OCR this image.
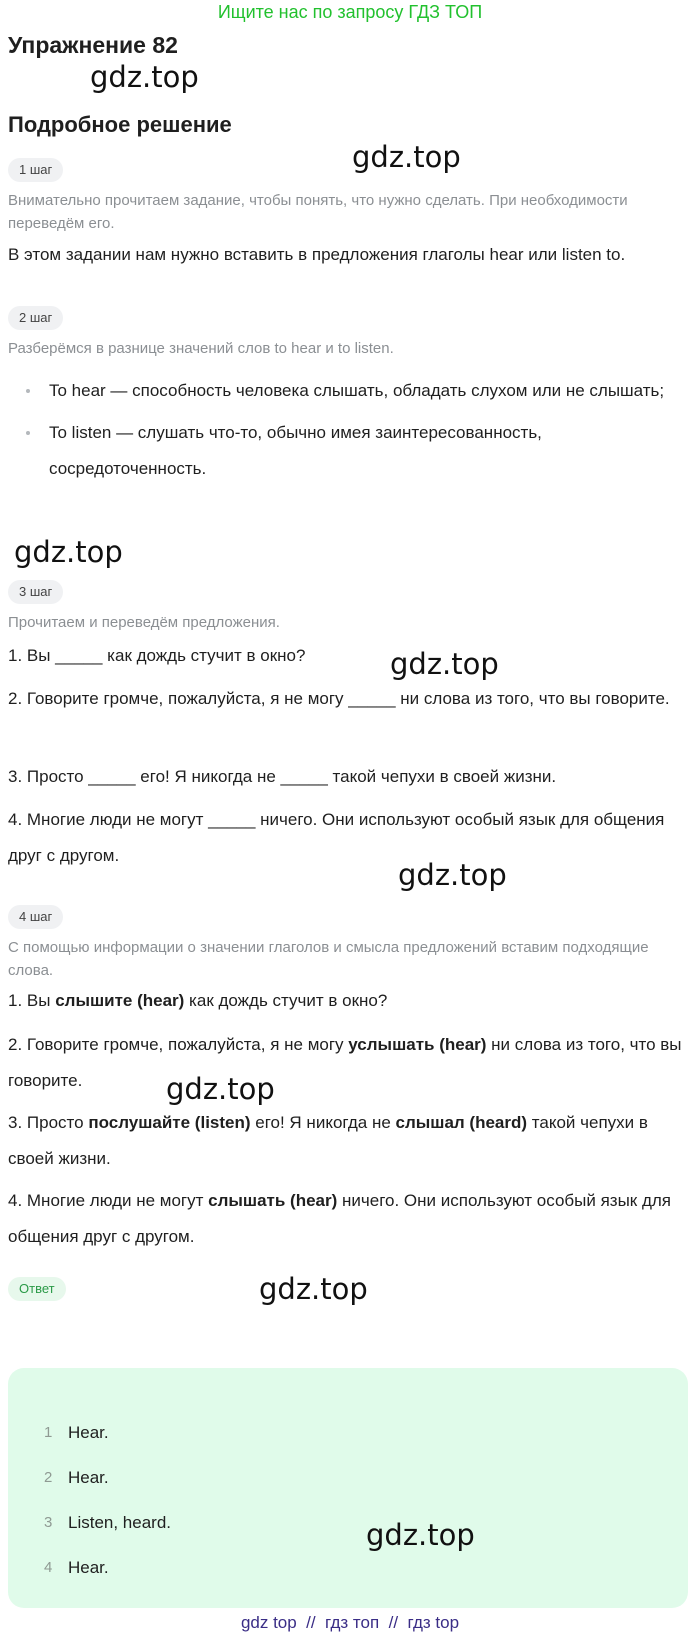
Ищите нас по запросу ГДЗ ТОП
Упражнение 82
gdz.top
Подробное решение
gdz.top
1 шаг
Внимательно прочитаем задание, чтобы понять, что нужно сделать. При необходимости переведём его.
В этом задании нам нужно вставить в предложения глаголы hear или listen to.
2 шаг
Разберёмся в разнице значений слов to hear и to listen.
To hear — способность человека слышать, обладать слухом или не слышать;
To listen — слушать что-то, обычно имея заинтересованность, сосредоточенность.
gdz.top
3 шаг
Прочитаем и переведём предложения.
1. Вы _____ как дождь стучит в окно?	gdz.top
2. Говорите громче, пожалуйста, я не могу _____ ни слова из того, что вы говорите.
3. Просто _____ его! Я никогда не _____ такой чепухи в своей жизни.
4. Многие люди не могут _____ ничего. Они используют особый язык для общения друг с другом.
gdz.top
4 шаг
С помощью информации о значении глаголов и смысла предложений вставим подходящие слова.
1. Вы слышите (hear) как дождь стучит в окно?
2. Говорите громче, пожалуйста, я не могу услышать (hear) ни слова из того, что вы говорите.	gdz.top
3. Просто послушайте (listen) его! Я никогда не слышал (heard) такой чепухи в своей жизни.
4. Многие люди не могут слышать (hear) ничего. Они используют особый язык для общения друг с другом.
Ответ	gdz.top
1 Hear.
2 Hear.
3 Listen, heard.
4 Hear.
gdz.top
gdz top  //  гдз топ  //  гдз top
